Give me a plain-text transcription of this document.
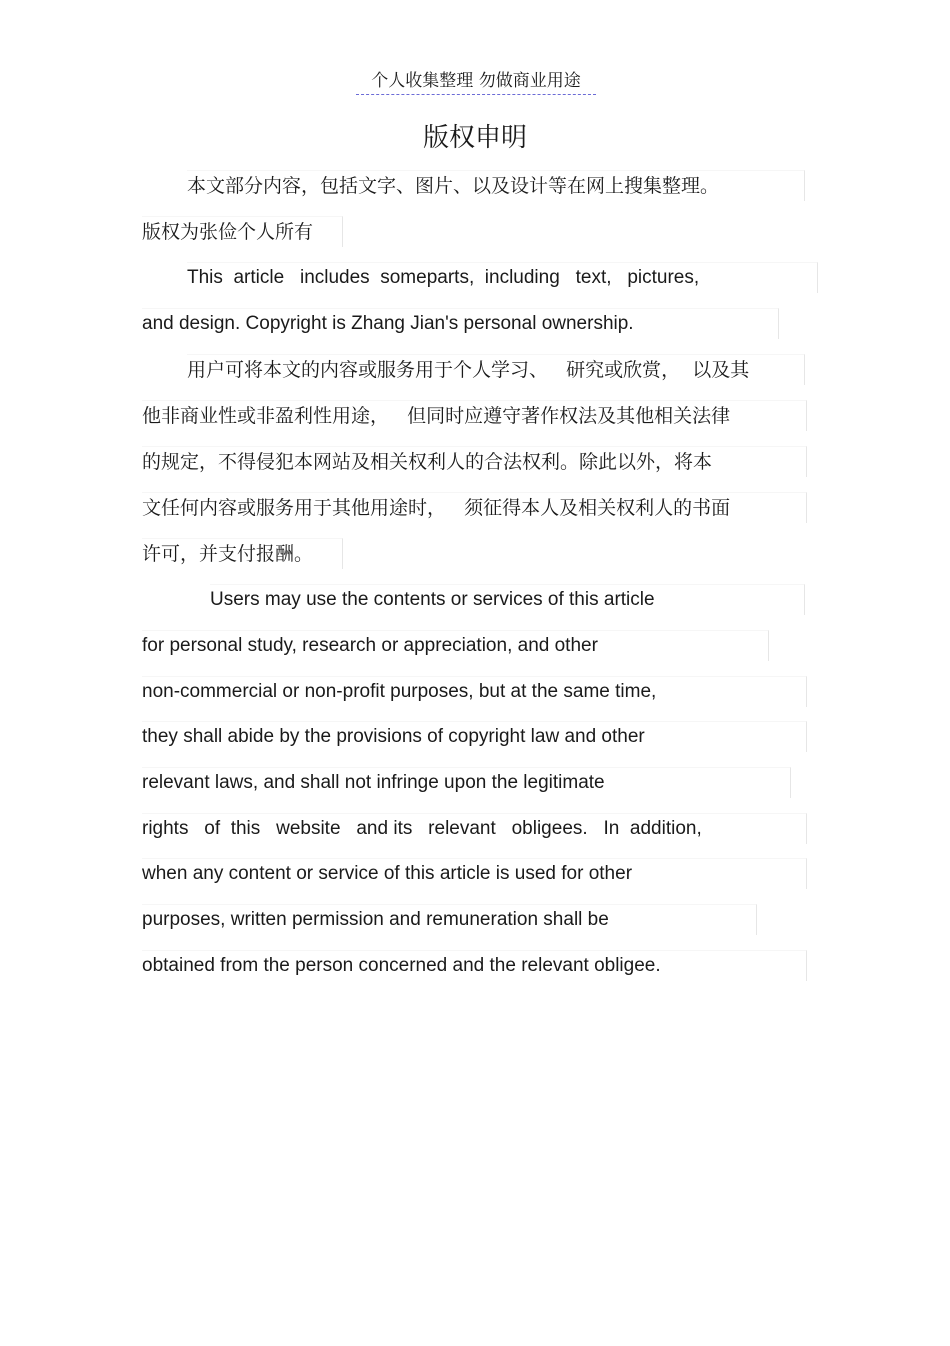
个人收集整理 勿做商业用途
版权申明
本文部分内容，包括文字、图片、以及设计等在网上搜集整理。
版权为张俭个人所有
This  article   includes  someparts,  including   text,   pictures,
and design. Copyright is Zhang Jian's personal ownership.
用户可将本文的内容或服务用于个人学习、   研究或欣赏，  以及其
他非商业性或非盈利性用途，   但同时应遵守著作权法及其他相关法律
的规定，不得侵犯本网站及相关权利人的合法权利。除此以外，将本
文任何内容或服务用于其他用途时，   须征得本人及相关权利人的书面
许可，并支付报酬。
Users may use the contents or services of this article
for personal study, research or appreciation, and other
non-commercial or non-profit purposes, but at the same time,
they shall abide by the provisions of copyright law and other
relevant laws, and shall not infringe upon the legitimate
rights   of  this   website   and its   relevant   obligees.   In  addition,
when any content or service of this article is used for other
purposes, written permission and remuneration shall be
obtained from the person concerned and the relevant obligee.
